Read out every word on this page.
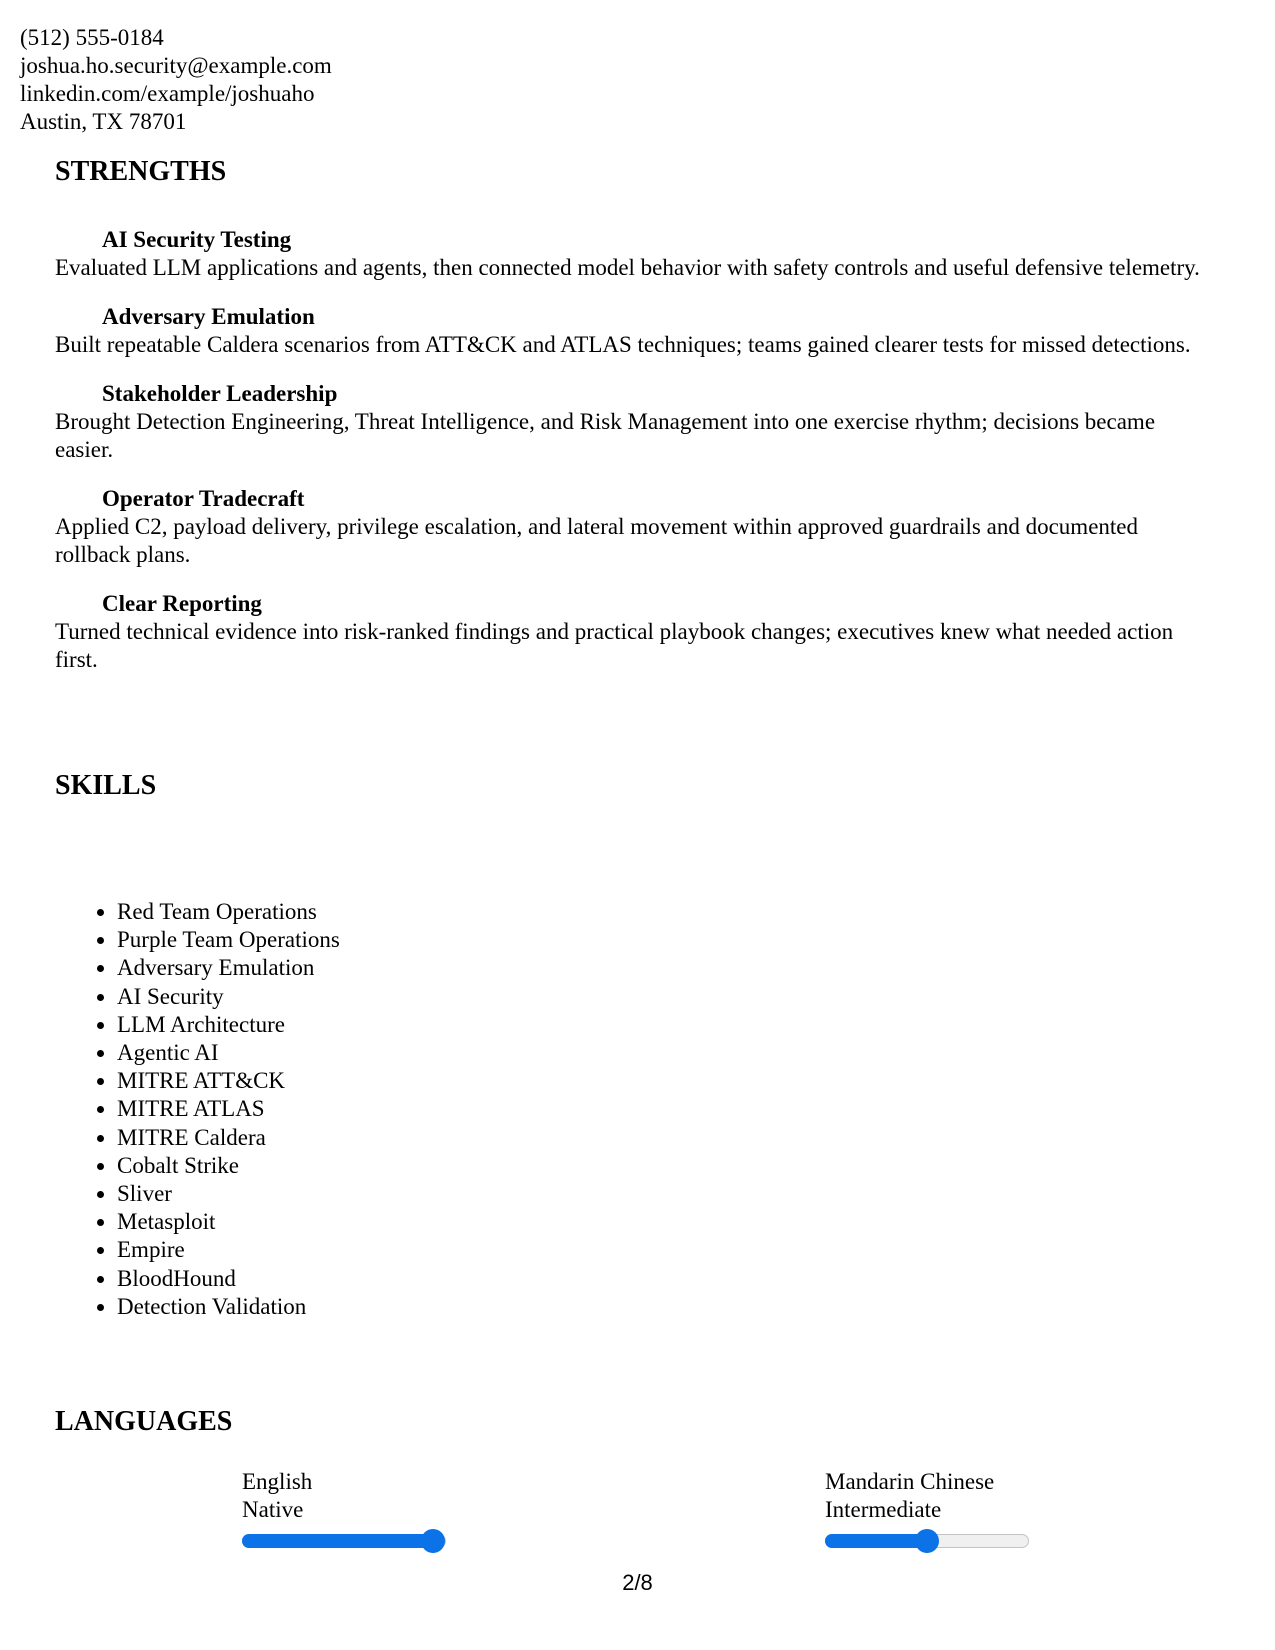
(512) 555-0184
joshua.ho.security@example.com
linkedin.com/example/joshuaho
Austin, TX 78701
STRENGTHS
AI Security Testing
Evaluated LLM applications and agents, then connected model behavior with safety controls and useful defensive telemetry.
Adversary Emulation
Built repeatable Caldera scenarios from ATT&CK and ATLAS techniques; teams gained clearer tests for missed detections.
Stakeholder Leadership
Brought Detection Engineering, Threat Intelligence, and Risk Management into one exercise rhythm; decisions became easier.
Operator Tradecraft
Applied C2, payload delivery, privilege escalation, and lateral movement within approved guardrails and documented rollback plans.
Clear Reporting
Turned technical evidence into risk-ranked findings and practical playbook changes; executives knew what needed action first.
SKILLS
• Red Team Operations
• Purple Team Operations
• Adversary Emulation
• AI Security
• LLM Architecture
• Agentic AI
• MITRE ATT&CK
• MITRE ATLAS
• MITRE Caldera
• Cobalt Strike
• Sliver
• Metasploit
• Empire
• BloodHound
• Detection Validation
LANGUAGES
English
Native
Mandarin Chinese
Intermediate
2/8
